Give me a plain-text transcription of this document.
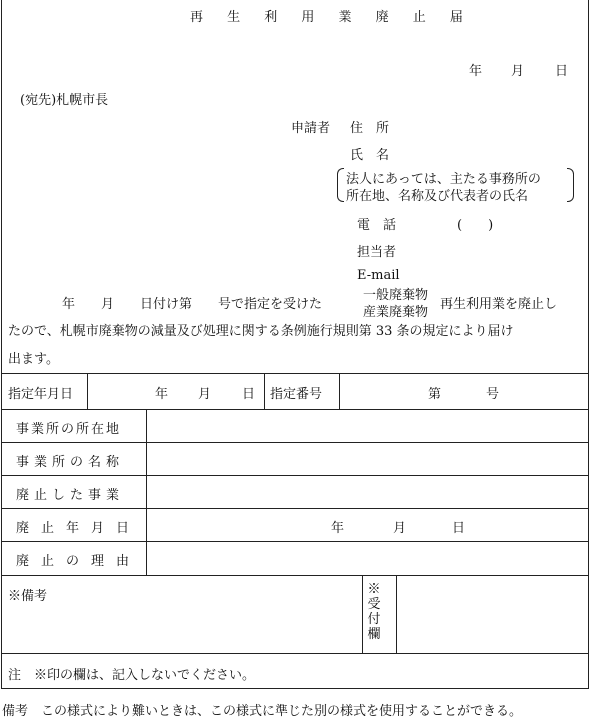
再 生 利 用 業 廃 止 届
年 月 日
(宛先)札幌市長
申請者 住　所
氏　名
法人にあっては、主たる事務所の
所在地、名称及び代表者の氏名
電　話	(　　)
担当者
E-mail
年　　月　　日付け第　　号で指定を受けた
一般廃棄物
産業廃棄物
再生利用業を廃止し
たので、札幌市廃棄物の減量及び処理に関する条例施行規則第 33 条の規定により届け
出ます。
指定年月日	年 月 日 指定番号	第	号
事業所の所在地
事業所の名称
廃止した事業
廃止年月日	年	月	日
廃止の理由
※備考	※受付欄
注　※印の欄は、記入しないでください。
備考　この様式により難いときは、この様式に準じた別の様式を使用することができる。
